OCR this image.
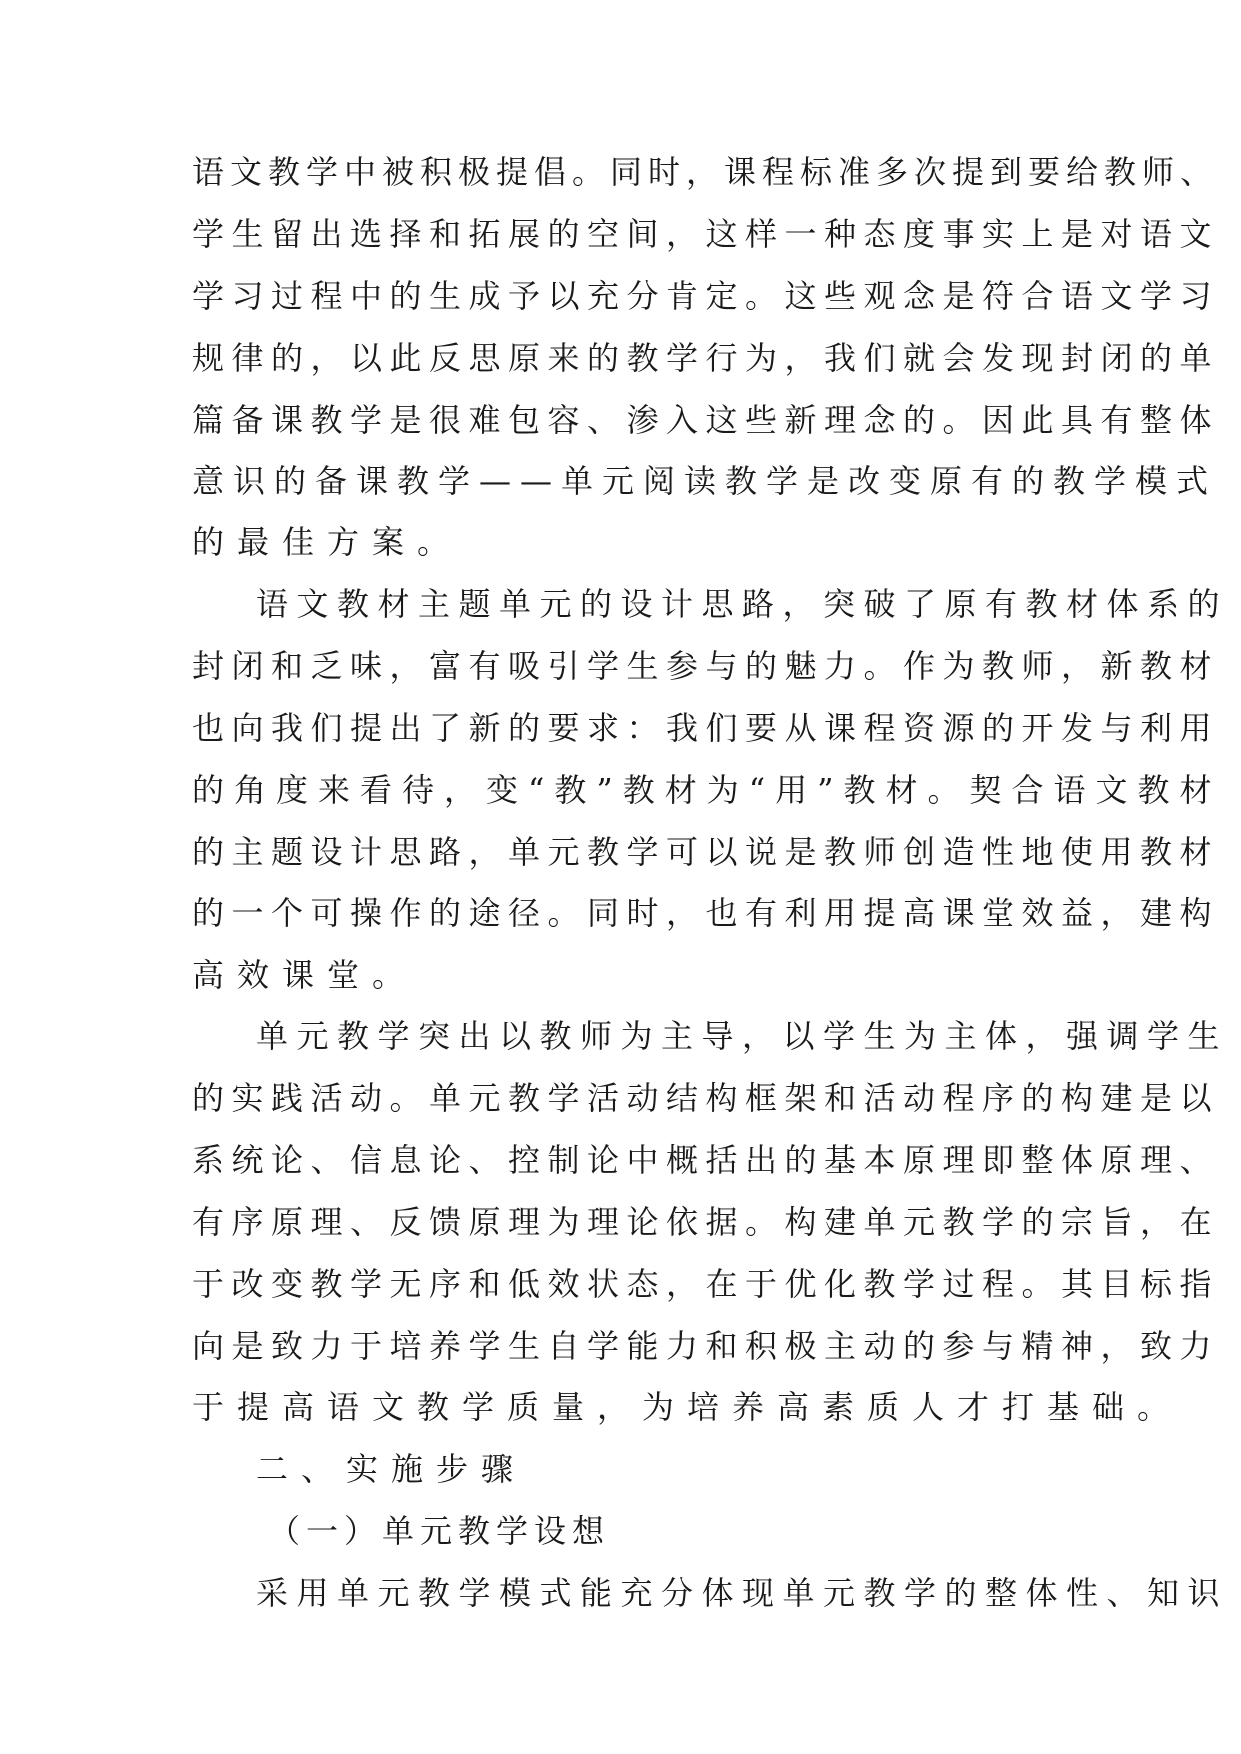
语文教学中被积极提倡。同时，课程标准多次提到要给教师、

学生留出选择和拓展的空间，这样一种态度事实上是对语文

学习过程中的生成予以充分肯定。这些观念是符合语文学习

规律的，以此反思原来的教学行为，我们就会发现封闭的单

篇备课教学是很难包容、渗入这些新理念的。因此具有整体

意识的备课教学——单元阅读教学是改变原有的教学模式

的最佳方案。

语文教材主题单元的设计思路，突破了原有教材体系的

封闭和乏味，富有吸引学生参与的魅力。作为教师，新教材

也向我们提出了新的要求：我们要从课程资源的开发与利用

的角度来看待，变“教”教材为“用”教材。契合语文教材

的主题设计思路，单元教学可以说是教师创造性地使用教材

的一个可操作的途径。同时，也有利用提高课堂效益，建构

高效课堂。

单元教学突出以教师为主导，以学生为主体，强调学生

的实践活动。单元教学活动结构框架和活动程序的构建是以

系统论、信息论、控制论中概括出的基本原理即整体原理、

有序原理、反馈原理为理论依据。构建单元教学的宗旨，在

于改变教学无序和低效状态，在于优化教学过程。其目标指

向是致力于培养学生自学能力和积极主动的参与精神，致力

于提高语文教学质量，为培养高素质人才打基础。

二、实施步骤

（一）单元教学设想

采用单元教学模式能充分体现单元教学的整体性、知识
